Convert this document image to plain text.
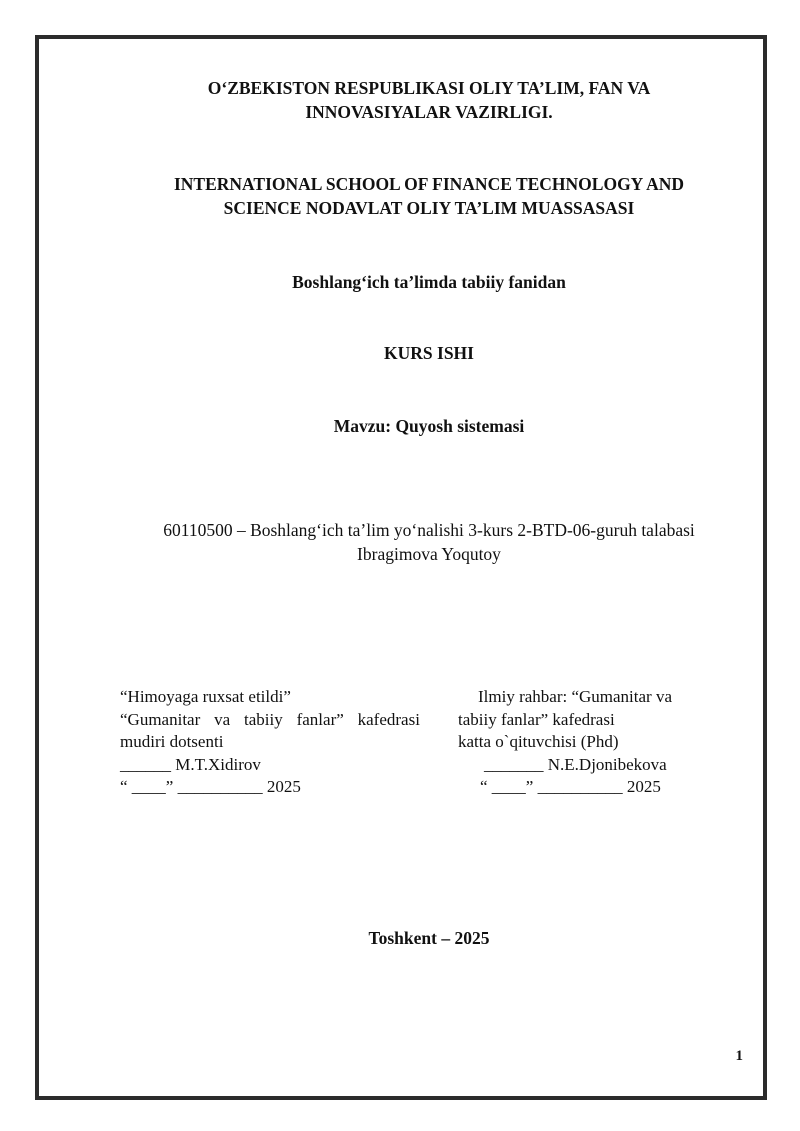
O‘ZBEKISTON RESPUBLIKASI OLIY TA’LIM, FAN VA
INNOVASIYALAR VAZIRLIGI.
INTERNATIONAL SCHOOL OF FINANCE TECHNOLOGY AND
SCIENCE NODAVLAT OLIY TA’LIM MUASSASASI
Boshlang‘ich ta’limda tabiiy fanidan
KURS ISHI
Mavzu: Quyosh sistemasi
60110500 – Boshlang‘ich ta’lim yo‘nalishi 3-kurs 2-BTD-06-guruh talabasi
Ibragimova Yoqutoy
“Himoyaga ruxsat etildi”
“Gumanitar va tabiiy fanlar” kafedrasi
mudiri dotsenti
______ M.T.Xidirov
“ ____” __________ 2025
Ilmiy rahbar: “Gumanitar va
tabiiy fanlar” kafedrasi
katta o`qituvchisi (Phd)
_______ N.E.Djonibekova
“ ____” __________ 2025
Toshkent – 2025
1
